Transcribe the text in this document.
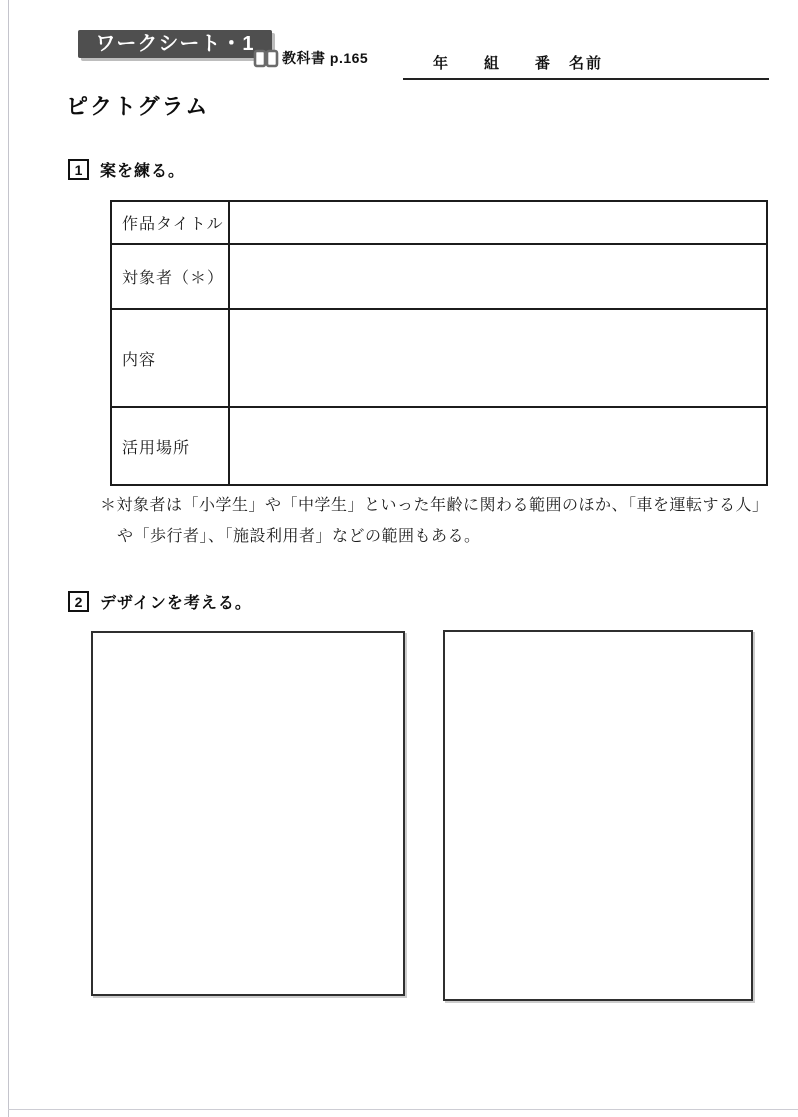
ワークシート・1
教科書 p.165	年　　組　　番　名前
ピクトグラム
1	案を練る。
作品タイトル
対象者（＊）
内容
活用場所
＊対象者は「小学生」や「中学生」といった年齢に関わる範囲のほか、「車を運転する人」
や「歩行者」、「施設利用者」などの範囲もある。
2	デザインを考える。
